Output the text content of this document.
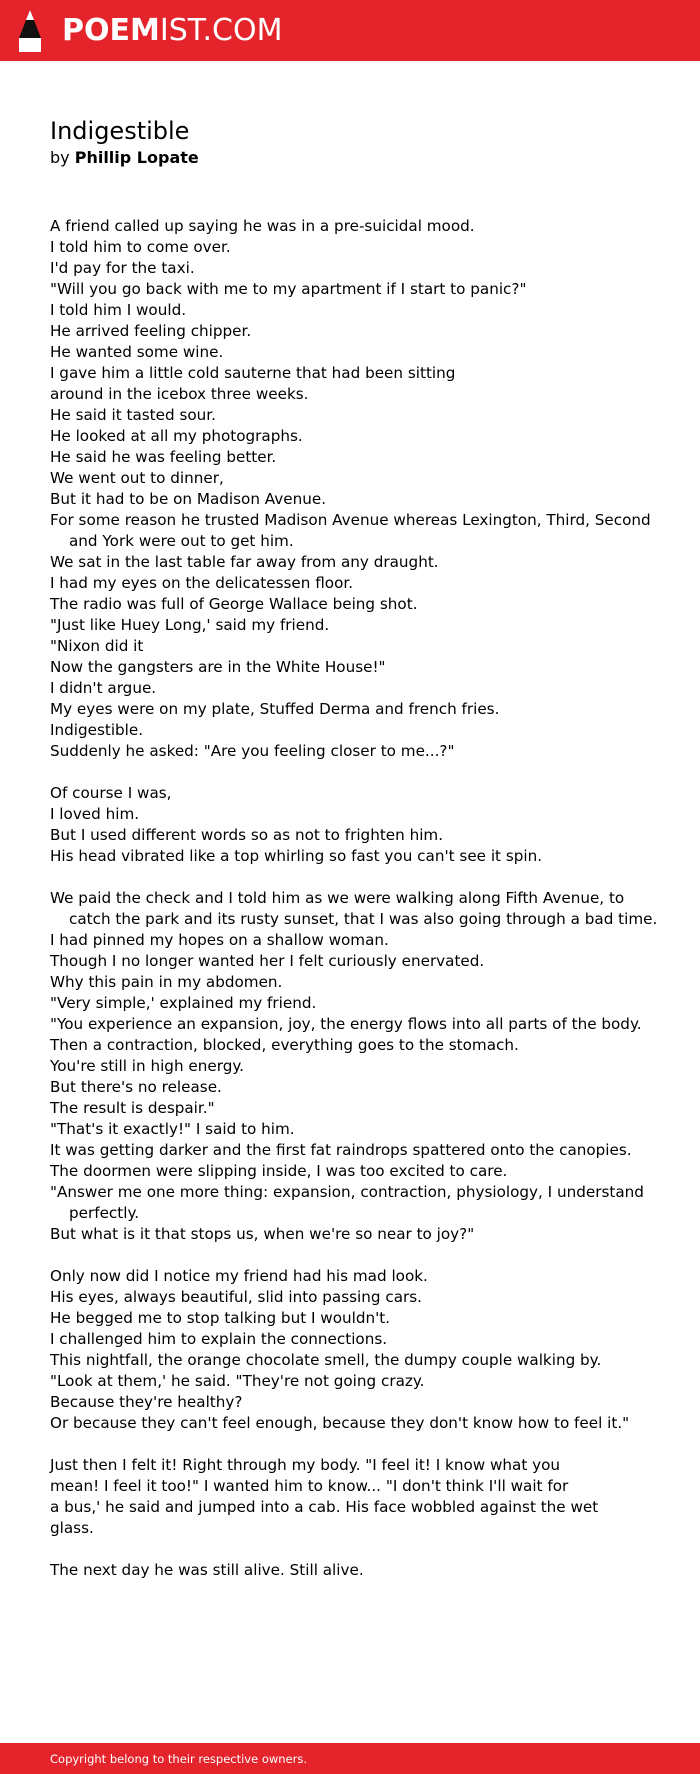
POEMIST.COM
Indigestible
by Phillip Lopate
A friend called up saying he was in a pre-suicidal mood.
I told him to come over.
I'd pay for the taxi.
"Will you go back with me to my apartment if I start to panic?"
I told him I would.
He arrived feeling chipper.
He wanted some wine.
I gave him a little cold sauterne that had been sitting
around in the icebox three weeks.
He said it tasted sour.
He looked at all my photographs.
He said he was feeling better.
We went out to dinner,
But it had to be on Madison Avenue.
For some reason he trusted Madison Avenue whereas Lexington, Third, Second and York were out to get him.
We sat in the last table far away from any draught.
I had my eyes on the delicatessen floor.
The radio was full of George Wallace being shot.
"Just like Huey Long,' said my friend.
"Nixon did it
Now the gangsters are in the White House!"
I didn't argue.
My eyes were on my plate, Stuffed Derma and french fries.
Indigestible.
Suddenly he asked: "Are you feeling closer to me...?"
Of course I was,
I loved him.
But I used different words so as not to frighten him.
His head vibrated like a top whirling so fast you can't see it spin.
We paid the check and I told him as we were walking along Fifth Avenue, to catch the park and its rusty sunset, that I was also going through a bad time.
I had pinned my hopes on a shallow woman.
Though I no longer wanted her I felt curiously enervated.
Why this pain in my abdomen.
"Very simple,' explained my friend.
"You experience an expansion, joy, the energy flows into all parts of the body.
Then a contraction, blocked, everything goes to the stomach.
You're still in high energy.
But there's no release.
The result is despair."
"That's it exactly!" I said to him.
It was getting darker and the first fat raindrops spattered onto the canopies.
The doormen were slipping inside, I was too excited to care.
"Answer me one more thing: expansion, contraction, physiology, I understand perfectly.
But what is it that stops us, when we're so near to joy?"
Only now did I notice my friend had his mad look.
His eyes, always beautiful, slid into passing cars.
He begged me to stop talking but I wouldn't.
I challenged him to explain the connections.
This nightfall, the orange chocolate smell, the dumpy couple walking by.
"Look at them,' he said. "They're not going crazy.
Because they're healthy?
Or because they can't feel enough, because they don't know how to feel it."
Just then I felt it! Right through my body. "I feel it! I know what you
mean! I feel it too!" I wanted him to know... "I don't think I'll wait for
a bus,' he said and jumped into a cab. His face wobbled against the wet
glass.
The next day he was still alive. Still alive.
Copyright belong to their respective owners.
